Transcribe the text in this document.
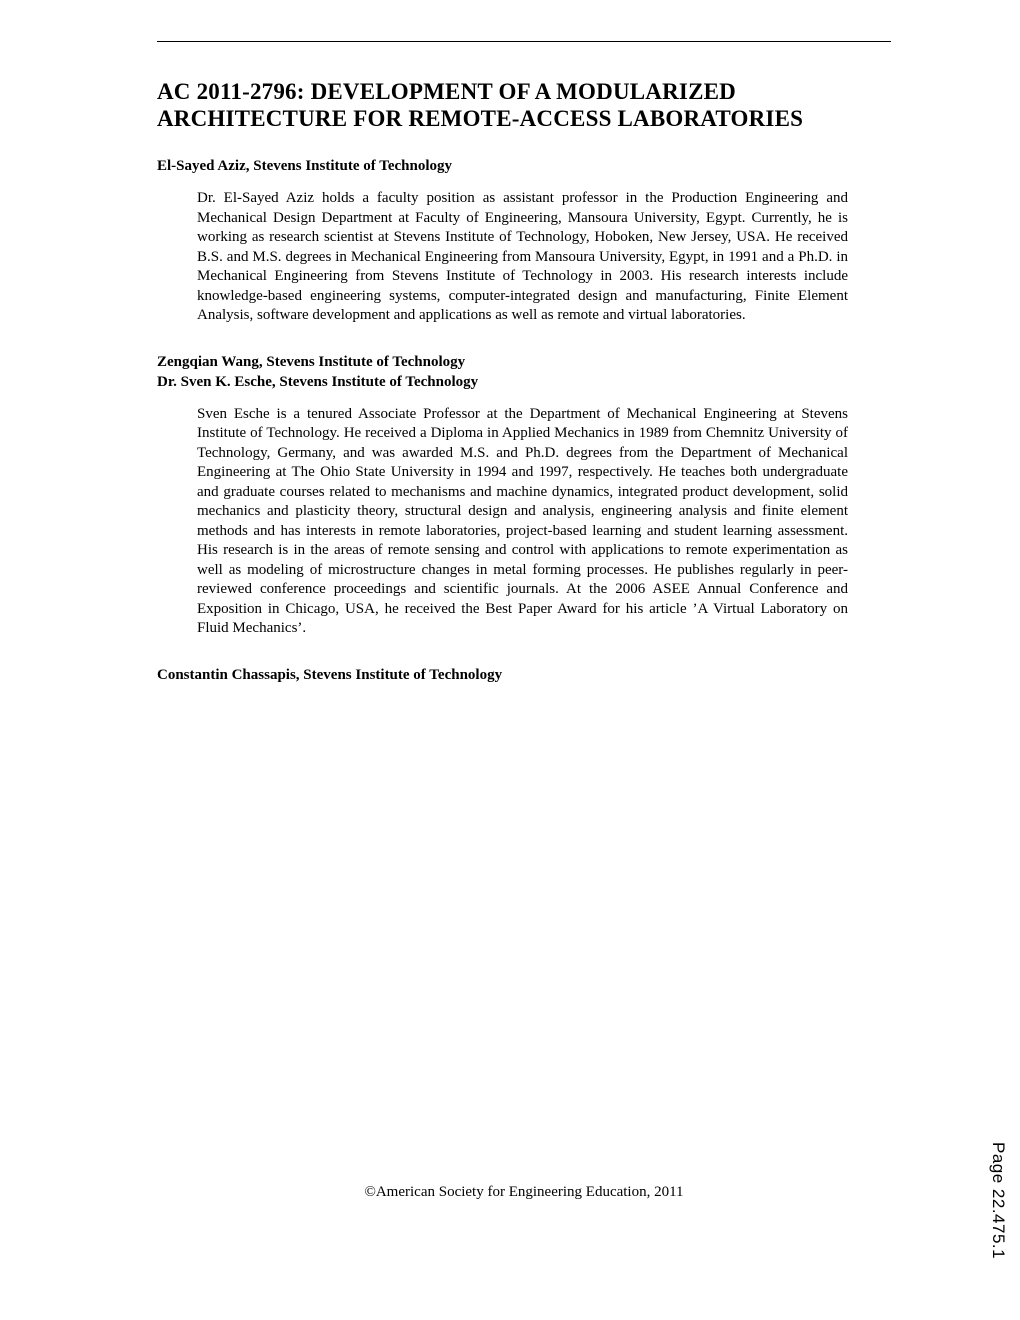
AC 2011-2796: DEVELOPMENT OF A MODULARIZED ARCHITECTURE FOR REMOTE-ACCESS LABORATORIES

El-Sayed Aziz, Stevens Institute of Technology

Dr. El-Sayed Aziz holds a faculty position as assistant professor in the Production Engineering and Mechanical Design Department at Faculty of Engineering, Mansoura University, Egypt. Currently, he is working as research scientist at Stevens Institute of Technology, Hoboken, New Jersey, USA. He received B.S. and M.S. degrees in Mechanical Engineering from Mansoura University, Egypt, in 1991 and a Ph.D. in Mechanical Engineering from Stevens Institute of Technology in 2003. His research interests include knowledge-based engineering systems, computer-integrated design and manufacturing, Finite Element Analysis, software development and applications as well as remote and virtual laboratories.

Zengqian Wang, Stevens Institute of Technology

Dr. Sven K. Esche, Stevens Institute of Technology

Sven Esche is a tenured Associate Professor at the Department of Mechanical Engineering at Stevens Institute of Technology. He received a Diploma in Applied Mechanics in 1989 from Chemnitz University of Technology, Germany, and was awarded M.S. and Ph.D. degrees from the Department of Mechanical Engineering at The Ohio State University in 1994 and 1997, respectively. He teaches both undergraduate and graduate courses related to mechanisms and machine dynamics, integrated product development, solid mechanics and plasticity theory, structural design and analysis, engineering analysis and finite element methods and has interests in remote laboratories, project-based learning and student learning assessment. His research is in the areas of remote sensing and control with applications to remote experimentation as well as modeling of microstructure changes in metal forming processes. He publishes regularly in peer-reviewed conference proceedings and scientific journals. At the 2006 ASEE Annual Conference and Exposition in Chicago, USA, he received the Best Paper Award for his article ’A Virtual Laboratory on Fluid Mechanics’.

Constantin Chassapis, Stevens Institute of Technology

©American Society for Engineering Education, 2011	Page 22.475.1
